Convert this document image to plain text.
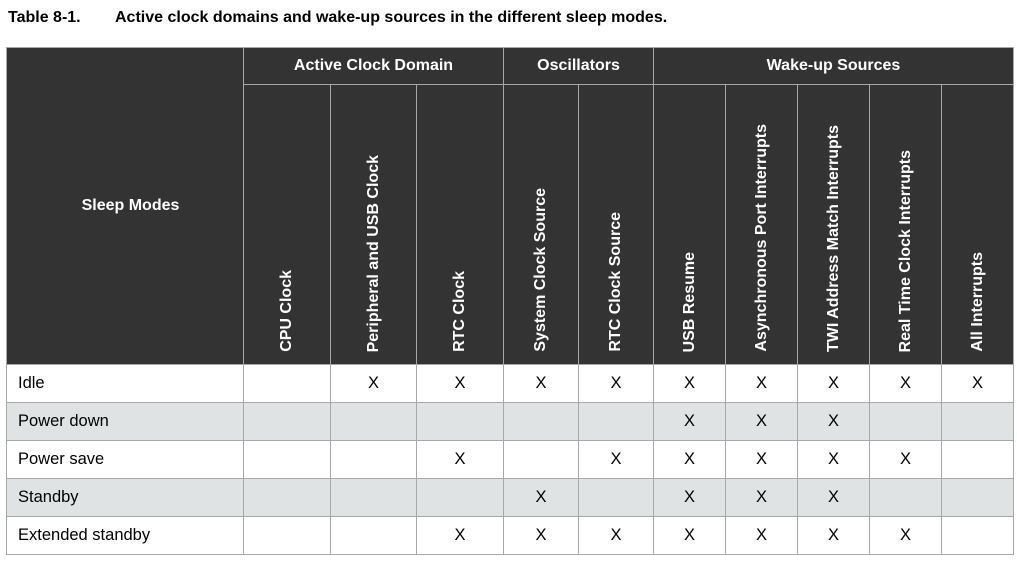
Table 8-1. Active clock domains and wake-up sources in the different sleep modes.
Sleep Modes	Active Clock Domain			Oscillators		Wake-up Sources				

	CPU Clock	Peripheral and USB Clock	RTC Clock	System Clock Source	RTC Clock Source	USB Resume	Asynchronous Port Interrupts	TWI Address Match Interrupts	Real Time Clock Interrupts	All Interrupts

Idle		X	X	X	X	X	X	X	X	X
Power down						X	X	X		
Power save			X		X	X	X	X	X	
Standby				X		X	X	X		
Extended standby			X	X	X	X	X	X	X	
